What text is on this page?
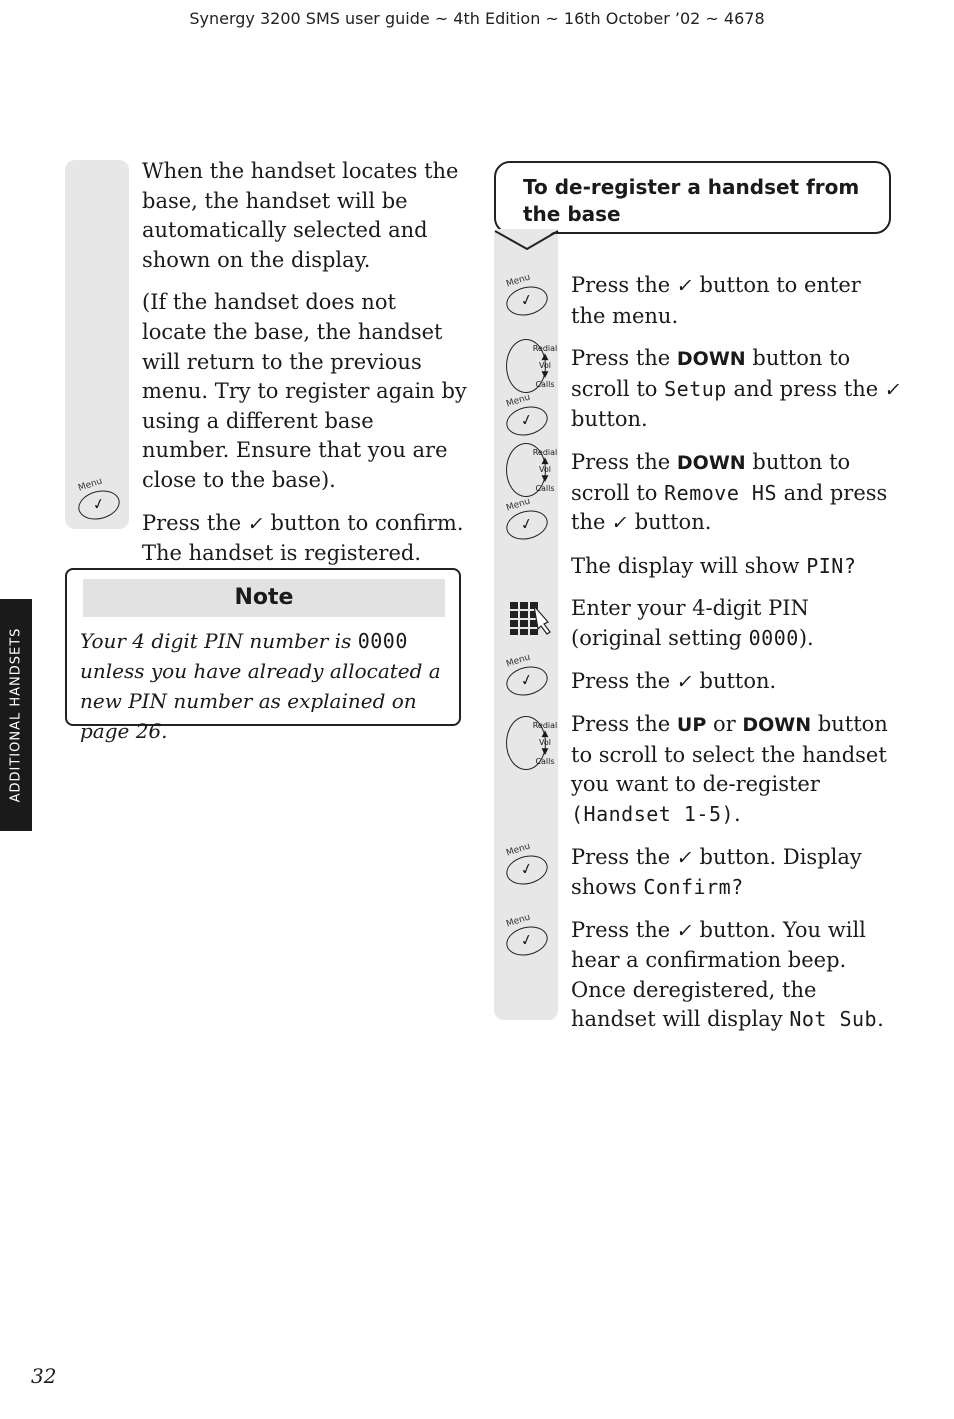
Synergy 3200 SMS user guide ~ 4th Edition ~ 16th October ’02 ~ 4678

When the handset locates the base, the handset will be automatically selected and shown on the display.

(If the handset does not locate the base, the handset will return to the previous menu. Try to register again by using a different base number. Ensure that you are close to the base).

Press the ✓ button to confirm. The handset is registered.

Menu
✓
Note
Your 4 digit PIN number is 0000 unless you have already allocated a new PIN number as explained on page 26.
ADDITIONAL HANDSETS
To de-register a handset from the base
Menu
✓
Redial
▲
Vol
▼
Calls
Menu
✓
Redial
▲
Vol
▼
Calls
Menu
✓
Menu
✓
Redial
▲
Vol
▼
Calls
Menu
✓
Menu
✓

Press the ✓ button to enter the menu.

Press the DOWN button to scroll to Setup and press the ✓ button.

Press the DOWN button to scroll to Remove HS and press the ✓ button.

The display will show PIN?

Enter your 4-digit PIN (original setting 0000).

Press the ✓ button.

Press the UP or DOWN button to scroll to select the handset you want to de-register (Handset 1-5).

Press the ✓ button. Display shows Confirm?

Press the ✓ button. You will hear a confirmation beep. Once deregistered, the handset will display Not Sub.

32
